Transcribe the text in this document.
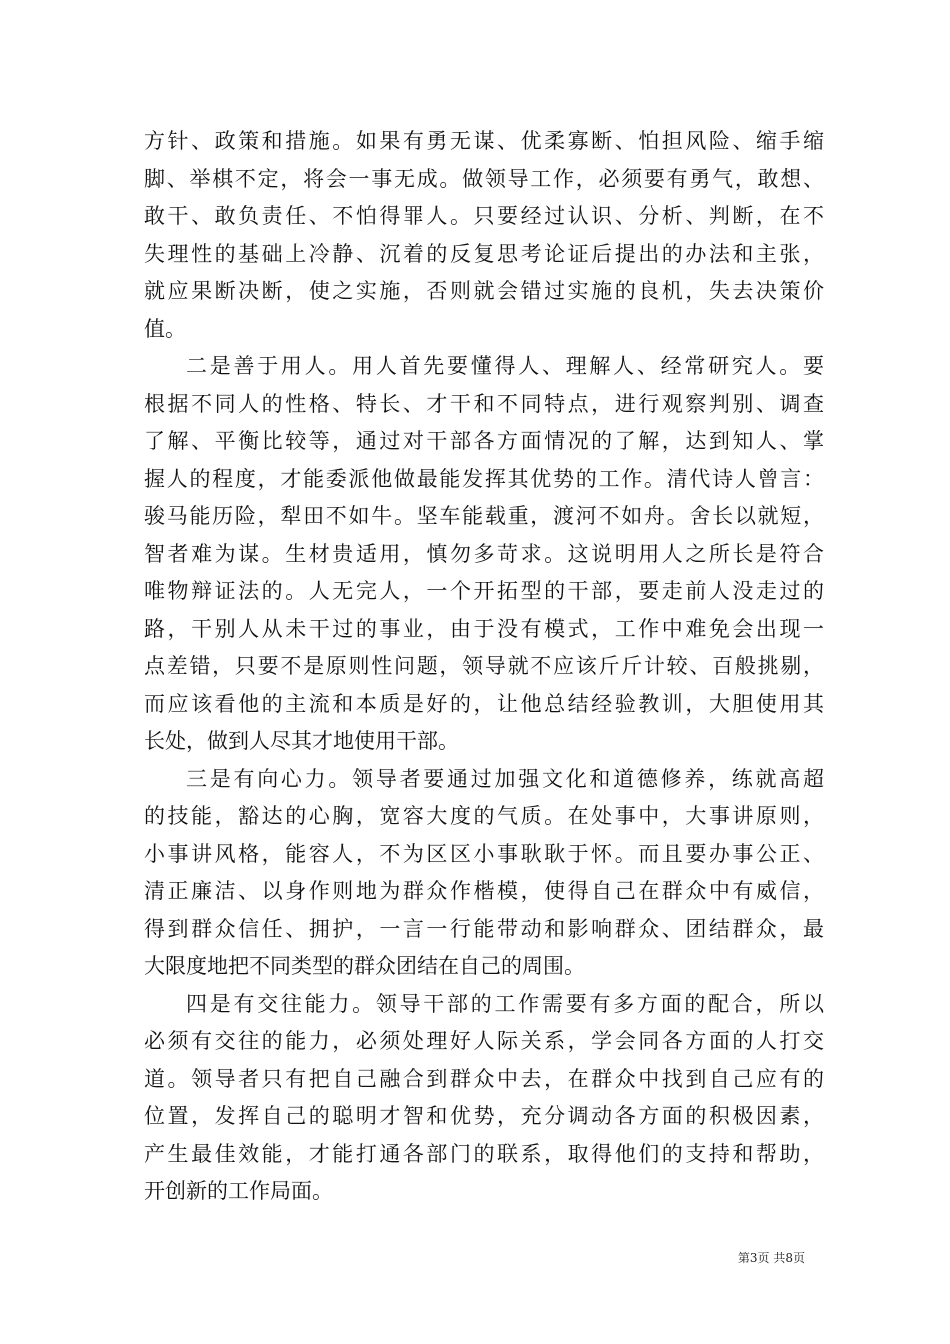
方针、政策和措施。如果有勇无谋、优柔寡断、怕担风险、缩手缩
脚、举棋不定，将会一事无成。做领导工作，必须要有勇气，敢想、
敢干、敢负责任、不怕得罪人。只要经过认识、分析、判断，在不
失理性的基础上冷静、沉着的反复思考论证后提出的办法和主张，
就应果断决断，使之实施，否则就会错过实施的良机，失去决策价
值。
二是善于用人。用人首先要懂得人、理解人、经常研究人。要
根据不同人的性格、特长、才干和不同特点，进行观察判别、调查
了解、平衡比较等，通过对干部各方面情况的了解，达到知人、掌
握人的程度，才能委派他做最能发挥其优势的工作。清代诗人曾言：
骏马能历险，犁田不如牛。坚车能载重，渡河不如舟。舍长以就短，
智者难为谋。生材贵适用，慎勿多苛求。这说明用人之所长是符合
唯物辩证法的。人无完人，一个开拓型的干部，要走前人没走过的
路，干别人从未干过的事业，由于没有模式，工作中难免会出现一
点差错，只要不是原则性问题，领导就不应该斤斤计较、百般挑剔，
而应该看他的主流和本质是好的，让他总结经验教训，大胆使用其
长处，做到人尽其才地使用干部。
三是有向心力。领导者要通过加强文化和道德修养，练就高超
的技能，豁达的心胸，宽容大度的气质。在处事中，大事讲原则，
小事讲风格，能容人，不为区区小事耿耿于怀。而且要办事公正、
清正廉洁、以身作则地为群众作楷模，使得自己在群众中有威信，
得到群众信任、拥护，一言一行能带动和影响群众、团结群众，最
大限度地把不同类型的群众团结在自己的周围。
四是有交往能力。领导干部的工作需要有多方面的配合，所以
必须有交往的能力，必须处理好人际关系，学会同各方面的人打交
道。领导者只有把自己融合到群众中去，在群众中找到自己应有的
位置，发挥自己的聪明才智和优势，充分调动各方面的积极因素，
产生最佳效能，才能打通各部门的联系，取得他们的支持和帮助，
开创新的工作局面。
第3页 共8页
